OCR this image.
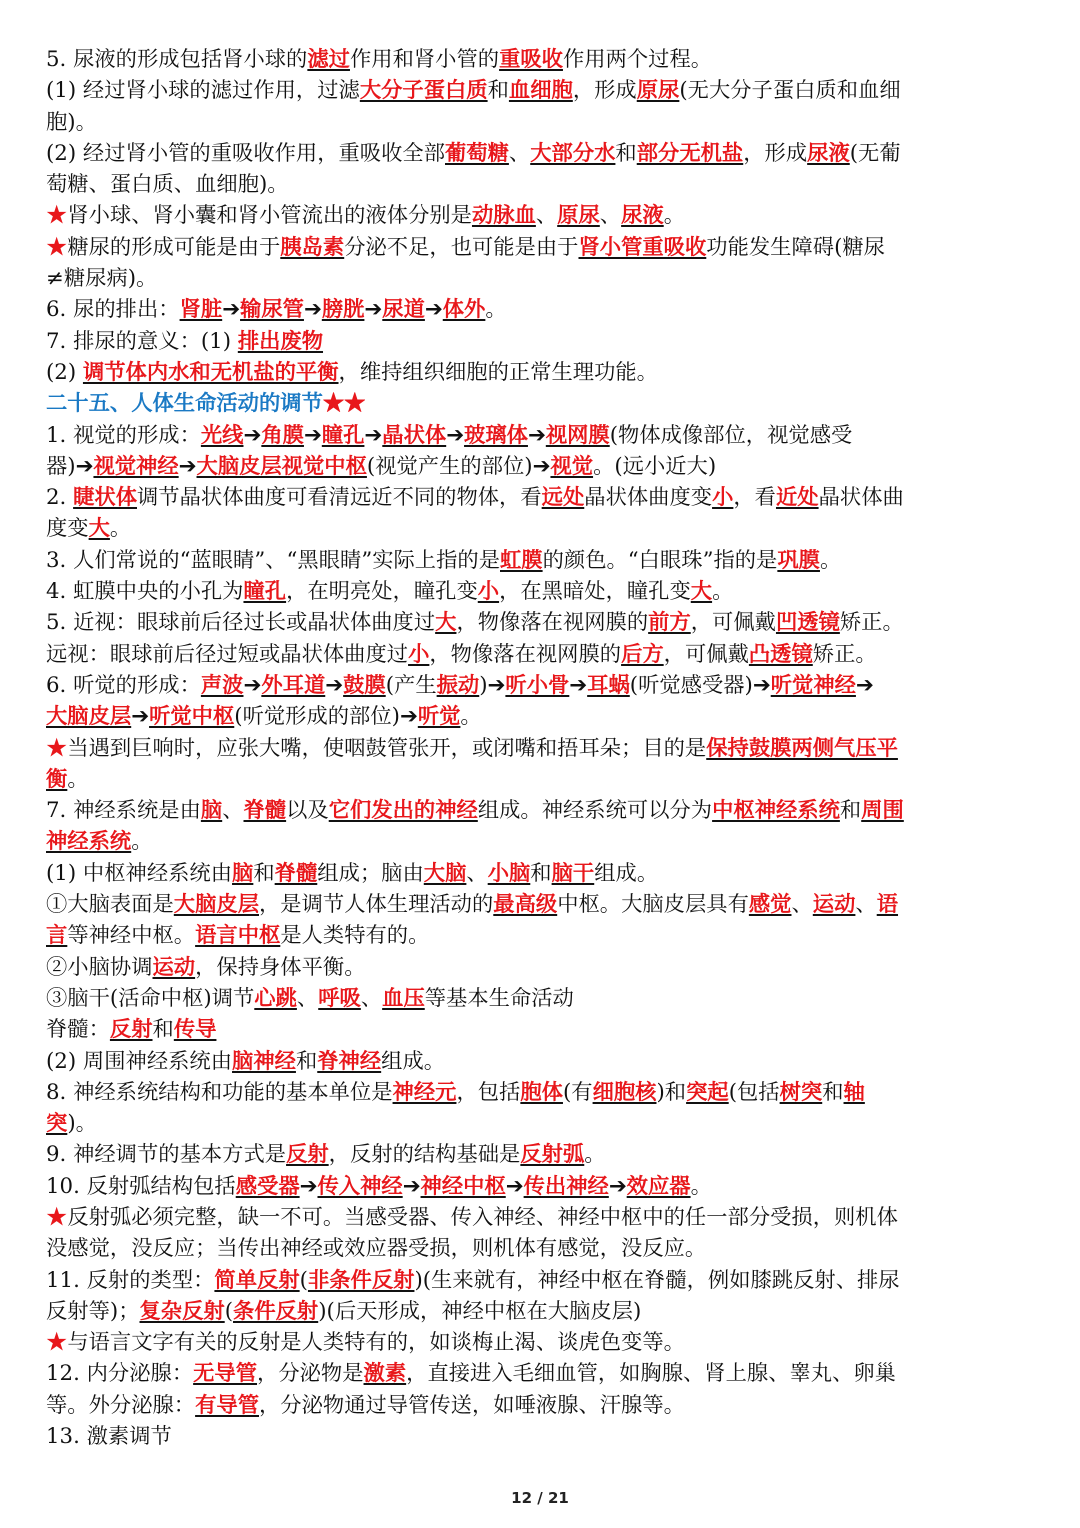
5. 尿液的形成包括肾小球的滤过作用和肾小管的重吸收作用两个过程。
(1) 经过肾小球的滤过作用，过滤大分子蛋白质和血细胞，形成原尿(无大分子蛋白质和血细
胞)。
(2) 经过肾小管的重吸收作用，重吸收全部葡萄糖、大部分水和部分无机盐，形成尿液(无葡
萄糖、蛋白质、血细胞)。
★肾小球、肾小囊和肾小管流出的液体分别是动脉血、原尿、尿液。
★糖尿的形成可能是由于胰岛素分泌不足，也可能是由于肾小管重吸收功能发生障碍(糖尿
≠糖尿病)。
6. 尿的排出：肾脏➔输尿管➔膀胱➔尿道➔体外。
7. 排尿的意义：(1) 排出废物
(2) 调节体内水和无机盐的平衡，维持组织细胞的正常生理功能。
二十五、人体生命活动的调节★★
1. 视觉的形成：光线➔角膜➔瞳孔➔晶状体➔玻璃体➔视网膜(物体成像部位，视觉感受
器)➔视觉神经➔大脑皮层视觉中枢(视觉产生的部位)➔视觉。(远小近大)
2. 睫状体调节晶状体曲度可看清远近不同的物体，看远处晶状体曲度变小，看近处晶状体曲
度变大。
3. 人们常说的“蓝眼睛”、“黑眼睛”实际上指的是虹膜的颜色。“白眼珠”指的是巩膜。
4. 虹膜中央的小孔为瞳孔，在明亮处，瞳孔变小，在黑暗处，瞳孔变大。
5. 近视：眼球前后径过长或晶状体曲度过大，物像落在视网膜的前方，可佩戴凹透镜矫正。
远视：眼球前后径过短或晶状体曲度过小，物像落在视网膜的后方，可佩戴凸透镜矫正。
6. 听觉的形成：声波➔外耳道➔鼓膜(产生振动)➔听小骨➔耳蜗(听觉感受器)➔听觉神经➔
大脑皮层➔听觉中枢(听觉形成的部位)➔听觉。
★当遇到巨响时，应张大嘴，使咽鼓管张开，或闭嘴和捂耳朵；目的是保持鼓膜两侧气压平
衡。
7. 神经系统是由脑、脊髓以及它们发出的神经组成。神经系统可以分为中枢神经系统和周围
神经系统。
(1) 中枢神经系统由脑和脊髓组成；脑由大脑、小脑和脑干组成。
①大脑表面是大脑皮层，是调节人体生理活动的最高级中枢。大脑皮层具有感觉、运动、语
言等神经中枢。语言中枢是人类特有的。
②小脑协调运动，保持身体平衡。
③脑干(活命中枢)调节心跳、呼吸、血压等基本生命活动
脊髓：反射和传导
(2) 周围神经系统由脑神经和脊神经组成。
8. 神经系统结构和功能的基本单位是神经元，包括胞体(有细胞核)和突起(包括树突和轴
突)。
9. 神经调节的基本方式是反射，反射的结构基础是反射弧。
10. 反射弧结构包括感受器➔传入神经➔神经中枢➔传出神经➔效应器。
★反射弧必须完整，缺一不可。当感受器、传入神经、神经中枢中的任一部分受损，则机体
没感觉，没反应；当传出神经或效应器受损，则机体有感觉，没反应。
11. 反射的类型：简单反射(非条件反射)(生来就有，神经中枢在脊髓，例如膝跳反射、排尿
反射等)；复杂反射(条件反射)(后天形成，神经中枢在大脑皮层)
★与语言文字有关的反射是人类特有的，如谈梅止渴、谈虎色变等。
12. 内分泌腺：无导管，分泌物是激素，直接进入毛细血管，如胸腺、肾上腺、睾丸、卵巢
等。外分泌腺：有导管，分泌物通过导管传送，如唾液腺、汗腺等。
13. 激素调节
12 / 21
